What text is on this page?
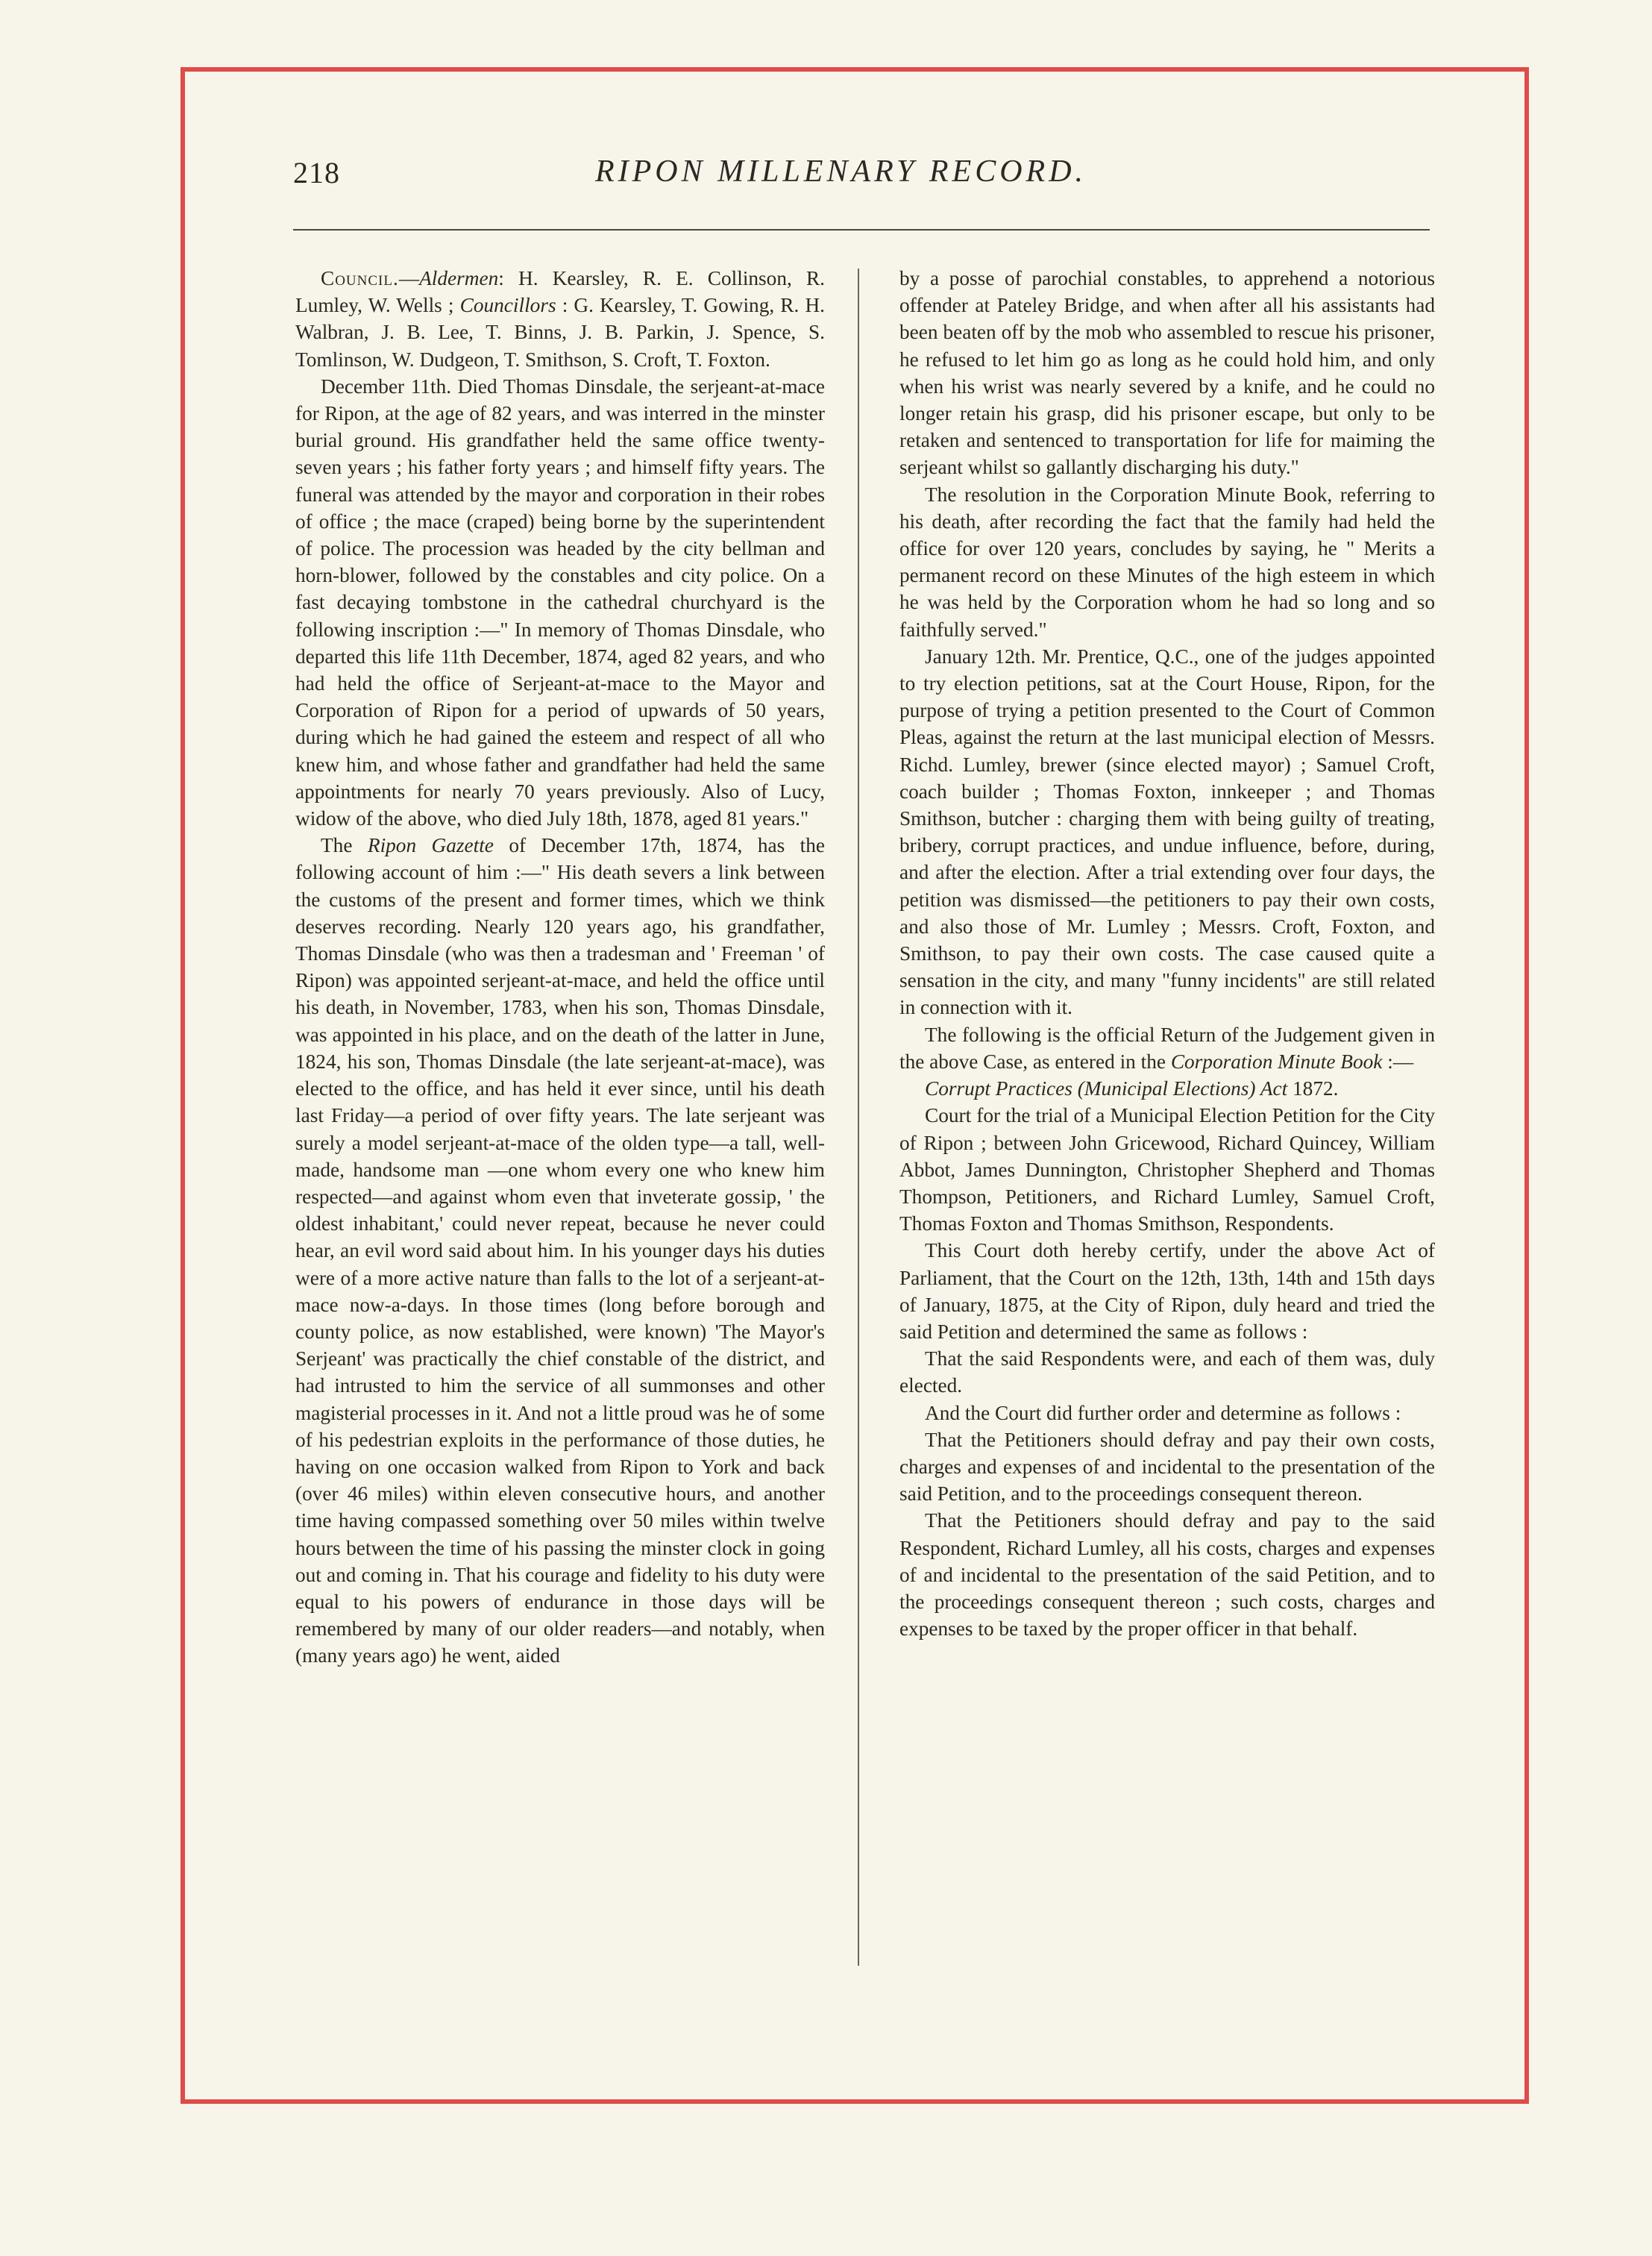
218	RIPON MILLENARY RECORD.

Council.—Aldermen: H. Kearsley, R. E. Collinson, R. Lumley, W. Wells ; Councillors : G. Kearsley, T. Gowing, R. H. Walbran, J. B. Lee, T. Binns, J. B. Parkin, J. Spence, S. Tomlinson, W. Dudgeon, T. Smithson, S. Croft, T. Foxton.

December 11th. Died Thomas Dinsdale, the serjeant-at-mace for Ripon, at the age of 82 years, and was interred in the minster burial ground. His grandfather held the same office twenty-seven years ; his father forty years ; and himself fifty years. The funeral was attended by the mayor and corporation in their robes of office ; the mace (craped) being borne by the superintendent of police. The procession was headed by the city bellman and horn-blower, followed by the constables and city police. On a fast decaying tombstone in the cathedral churchyard is the following inscription :—" In memory of Thomas Dinsdale, who departed this life 11th December, 1874, aged 82 years, and who had held the office of Serjeant-at-mace to the Mayor and Corporation of Ripon for a period of upwards of 50 years, during which he had gained the esteem and respect of all who knew him, and whose father and grandfather had held the same appointments for nearly 70 years previously. Also of Lucy, widow of the above, who died July 18th, 1878, aged 81 years."

The Ripon Gazette of December 17th, 1874, has the following account of him :—" His death severs a link between the customs of the present and former times, which we think deserves recording. Nearly 120 years ago, his grandfather, Thomas Dinsdale (who was then a tradesman and ' Freeman ' of Ripon) was appointed serjeant-at-mace, and held the office until his death, in November, 1783, when his son, Thomas Dinsdale, was appointed in his place, and on the death of the latter in June, 1824, his son, Thomas Dinsdale (the late serjeant-at-mace), was elected to the office, and has held it ever since, until his death last Friday—a period of over fifty years. The late serjeant was surely a model serjeant-at-mace of the olden type—a tall, well-made, handsome man —one whom every one who knew him respected—and against whom even that inveterate gossip, ' the oldest inhabitant,' could never repeat, because he never could hear, an evil word said about him. In his younger days his duties were of a more active nature than falls to the lot of a serjeant-at-mace now-a-days. In those times (long before borough and county police, as now established, were known) 'The Mayor's Serjeant' was practically the chief constable of the district, and had intrusted to him the service of all summonses and other magisterial processes in it. And not a little proud was he of some of his pedestrian exploits in the performance of those duties, he having on one occasion walked from Ripon to York and back (over 46 miles) within eleven consecutive hours, and another time having compassed something over 50 miles within twelve hours between the time of his passing the minster clock in going out and coming in. That his courage and fidelity to his duty were equal to his powers of endurance in those days will be remembered by many of our older readers—and notably, when (many years ago) he went, aided

by a posse of parochial constables, to apprehend a notorious offender at Pateley Bridge, and when after all his assistants had been beaten off by the mob who assembled to rescue his prisoner, he refused to let him go as long as he could hold him, and only when his wrist was nearly severed by a knife, and he could no longer retain his grasp, did his prisoner escape, but only to be retaken and sentenced to transportation for life for maiming the serjeant whilst so gallantly discharging his duty."

The resolution in the Corporation Minute Book, referring to his death, after recording the fact that the family had held the office for over 120 years, concludes by saying, he " Merits a permanent record on these Minutes of the high esteem in which he was held by the Corporation whom he had so long and so faithfully served."

January 12th. Mr. Prentice, Q.C., one of the judges appointed to try election petitions, sat at the Court House, Ripon, for the purpose of trying a petition presented to the Court of Common Pleas, against the return at the last municipal election of Messrs. Richd. Lumley, brewer (since elected mayor) ; Samuel Croft, coach builder ; Thomas Foxton, innkeeper ; and Thomas Smithson, butcher : charging them with being guilty of treating, bribery, corrupt practices, and undue influence, before, during, and after the election. After a trial extending over four days, the petition was dismissed—the petitioners to pay their own costs, and also those of Mr. Lumley ; Messrs. Croft, Foxton, and Smithson, to pay their own costs. The case caused quite a sensation in the city, and many "funny incidents" are still related in connection with it.

The following is the official Return of the Judgement given in the above Case, as entered in the Corporation Minute Book :—

Corrupt Practices (Municipal Elections) Act 1872.

Court for the trial of a Municipal Election Petition for the City of Ripon ; between John Gricewood, Richard Quincey, William Abbot, James Dunnington, Christopher Shepherd and Thomas Thompson, Petitioners, and Richard Lumley, Samuel Croft, Thomas Foxton and Thomas Smithson, Respondents.

This Court doth hereby certify, under the above Act of Parliament, that the Court on the 12th, 13th, 14th and 15th days of January, 1875, at the City of Ripon, duly heard and tried the said Petition and determined the same as follows :

That the said Respondents were, and each of them was, duly elected.

And the Court did further order and determine as follows :

That the Petitioners should defray and pay their own costs, charges and expenses of and incidental to the presentation of the said Petition, and to the proceedings consequent thereon.

That the Petitioners should defray and pay to the said Respondent, Richard Lumley, all his costs, charges and expenses of and incidental to the presentation of the said Petition, and to the proceedings consequent thereon ; such costs, charges and expenses to be taxed by the proper officer in that behalf.
